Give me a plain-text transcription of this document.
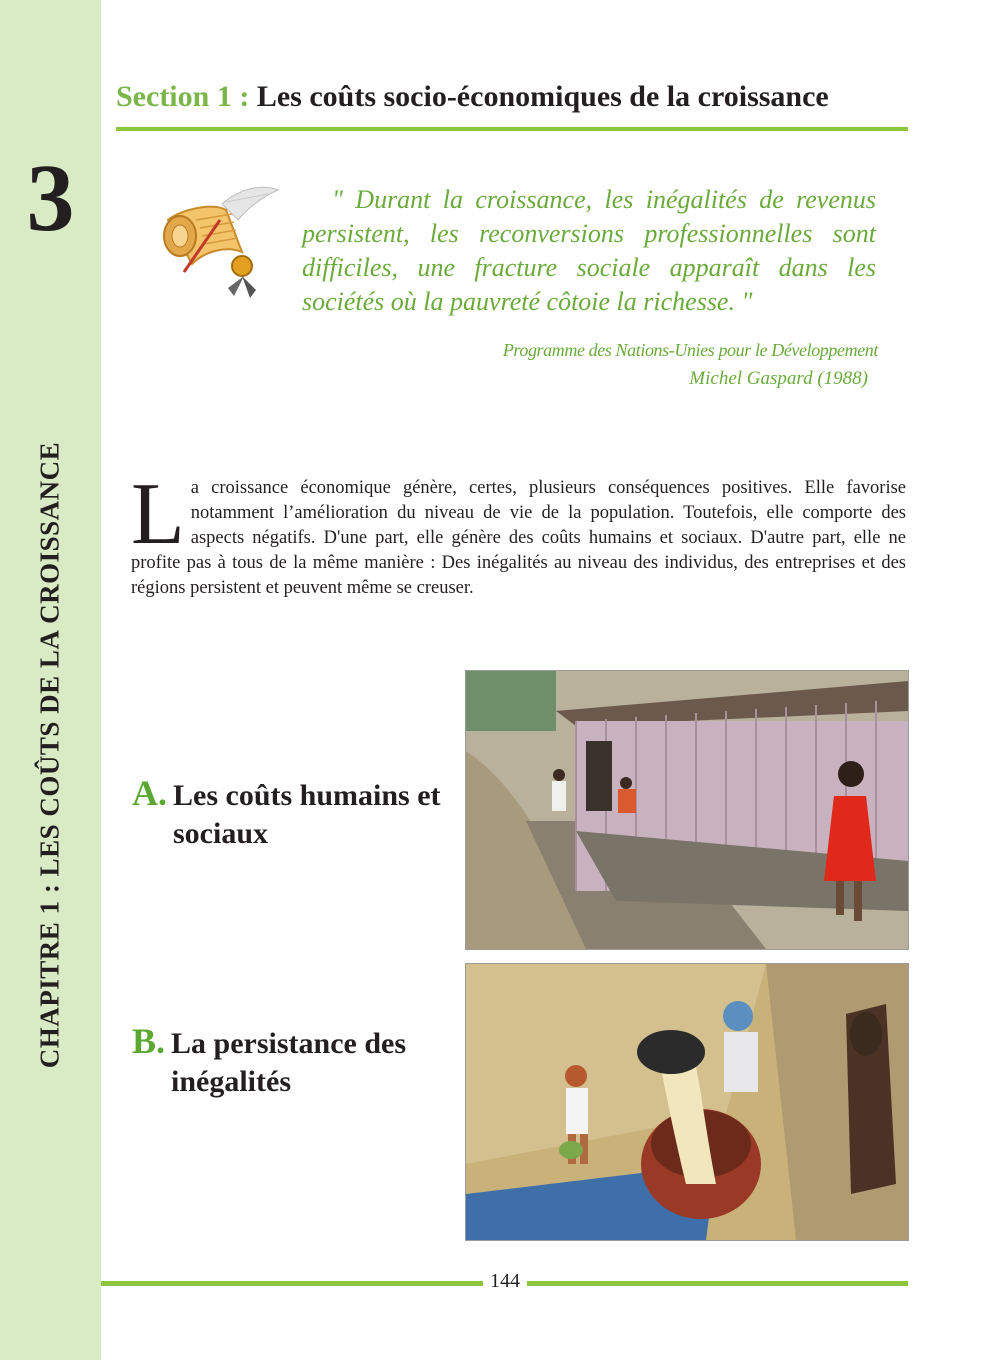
3
CHAPITRE 1 : LES COÛTS DE LA CROISSANCE
Section 1 : Les coûts socio-économiques de la croissance
" Durant la croissance, les inégalités de revenus persistent, les reconversions professionnelles sont difficiles, une fracture sociale apparaît dans les sociétés où la pauvreté côtoie la richesse. "
Programme des Nations-Unies pour le Développement
Michel Gaspard (1988)
La croissance économique génère, certes, plusieurs conséquences positives. Elle favorise notamment l’amélioration du niveau de vie de la population. Toutefois, elle comporte des aspects négatifs. D'une part, elle génère des coûts humains et sociaux. D'autre part, elle ne profite pas à tous de la même manière : Des inégalités au niveau des individus, des entreprises et des régions persistent et peuvent même se creuser.
A. Les coûts humains et sociaux
B. La persistance des inégalités
144
